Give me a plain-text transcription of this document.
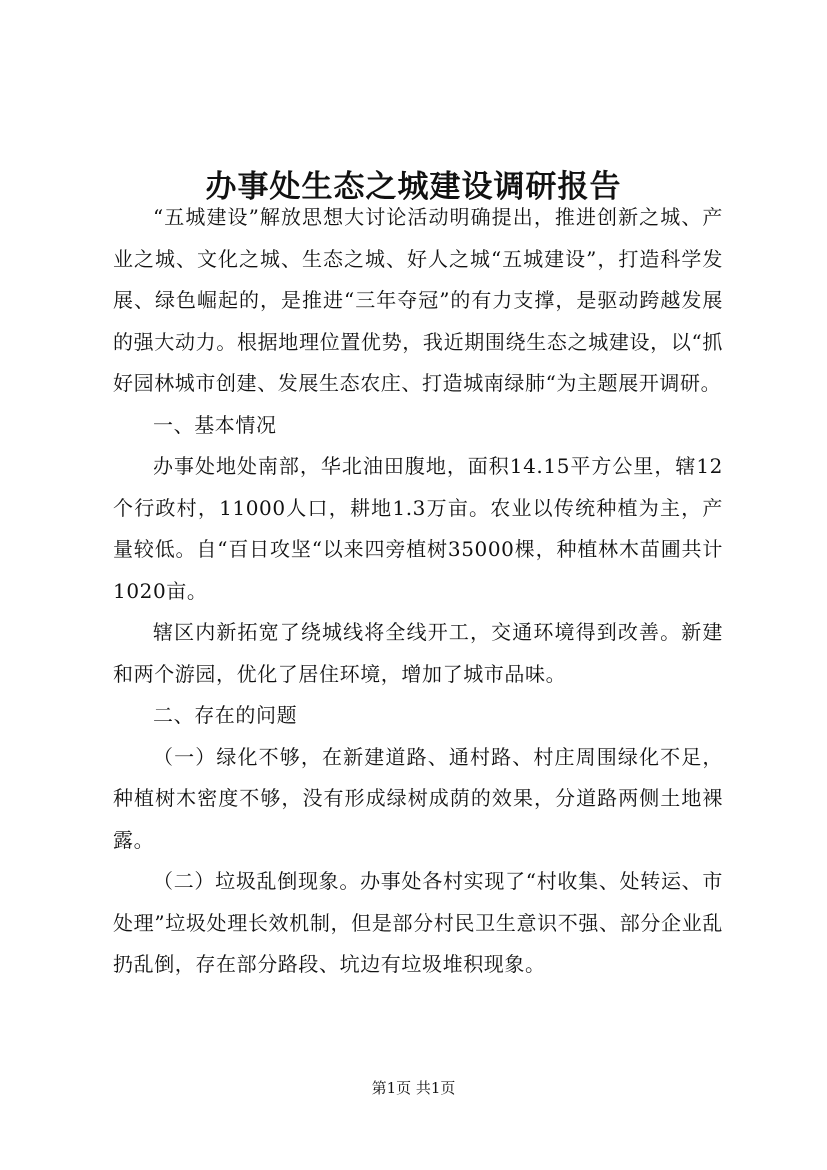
办事处生态之城建设调研报告

“五城建设”解放思想大讨论活动明确提出，推进创新之城、产业之城、文化之城、生态之城、好人之城“五城建设”，打造科学发展、绿色崛起的，是推进“三年夺冠”的有力支撑，是驱动跨越发展的强大动力。根据地理位置优势，我近期围绕生态之城建设，以“抓好园林城市创建、发展生态农庄、打造城南绿肺“为主题展开调研。

一、基本情况

办事处地处南部，华北油田腹地，面积14.15平方公里，辖12个行政村，11000人口，耕地1.3万亩。农业以传统种植为主，产量较低。自“百日攻坚“以来四旁植树35000棵，种植林木苗圃共计1020亩。

辖区内新拓宽了绕城线将全线开工，交通环境得到改善。新建和两个游园，优化了居住环境，增加了城市品味。

二、存在的问题

（一）绿化不够，在新建道路、通村路、村庄周围绿化不足，种植树木密度不够，没有形成绿树成荫的效果，分道路两侧土地裸露。

（二）垃圾乱倒现象。办事处各村实现了“村收集、处转运、市处理”垃圾处理长效机制，但是部分村民卫生意识不强、部分企业乱扔乱倒，存在部分路段、坑边有垃圾堆积现象。

第1页 共1页
